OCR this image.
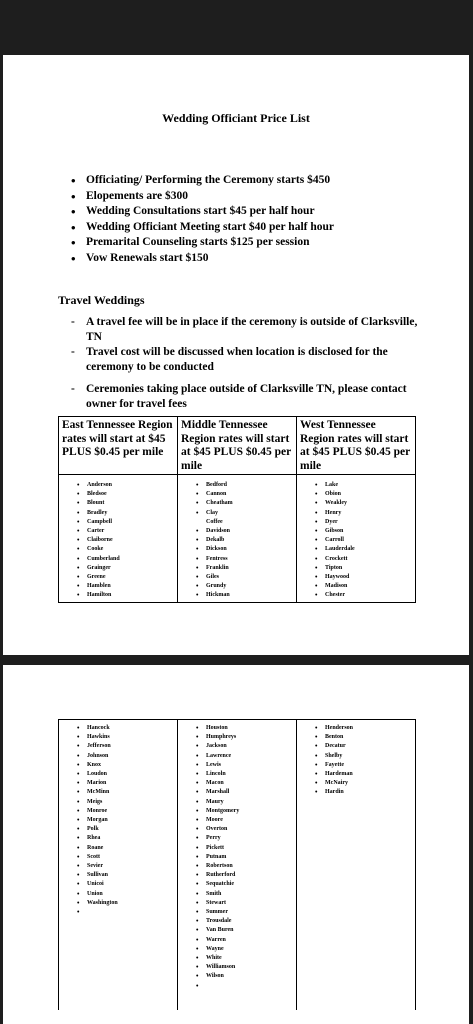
Wedding Officiant Price List
• Officiating/ Performing the Ceremony starts $450
• Elopements are $300
• Wedding Consultations start $45 per half hour
• Wedding Officiant Meeting start $40 per half hour
• Premarital Counseling starts $125 per session
• Vow Renewals start $150
Travel Weddings
- A travel fee will be in place if the ceremony is outside of Clarksville, TN
- Travel cost will be discussed when location is disclosed for the ceremony to be conducted
- Ceremonies taking place outside of Clarksville TN, please contact owner for travel fees
East Tennessee Region rates will start at $45 PLUS $0.45 per mile
• Anderson
• Bledsoe
• Blount
• Bradley
• Campbell
• Carter
• Claiborne
• Cooke
• Cumberland
• Grainger
• Greene
• Hamblen
• Hamilton
Middle Tennessee Region rates will start at $45 PLUS $0.45 per mile
• Bedford
• Cannon
• Cheatham
• Clay
Coffee
• Davidson
• Dekalb
• Dickson
• Fentress
• Franklin
• Giles
• Grundy
• Hickman
West Tennessee Region rates will start at $45 PLUS $0.45 per mile
• Lake
• Obion
• Weakley
• Henry
• Dyer
• Gibson
• Carroll
• Lauderdale
• Crockett
• Tipton
• Haywood
• Madison
• Chester
• Hancock
• Hawkins
• Jefferson
• Johnson
• Knox
• Loudon
• Marion
• McMinn
• Meigs
• Monroe
• Morgan
• Polk
• Rhea
• Roane
• Scott
• Sevier
• Sullivan
• Unicoi
• Union
• Washington
•
• Houston
• Humphreys
• Jackson
• Lawrence
• Lewis
• Lincoln
• Macon
• Marshall
• Maury
• Montgomery
• Moore
• Overton
• Perry
• Pickett
• Putnam
• Robertson
• Rutherford
• Sequatchie
• Smith
• Stewart
• Summer
• Trousdale
• Van Buren
• Warren
• Wayne
• White
• Williamson
• Wilson
•
• Henderson
• Benton
• Decatur
• Shelby
• Fayette
• Hardeman
• McNairy
• Hardin
